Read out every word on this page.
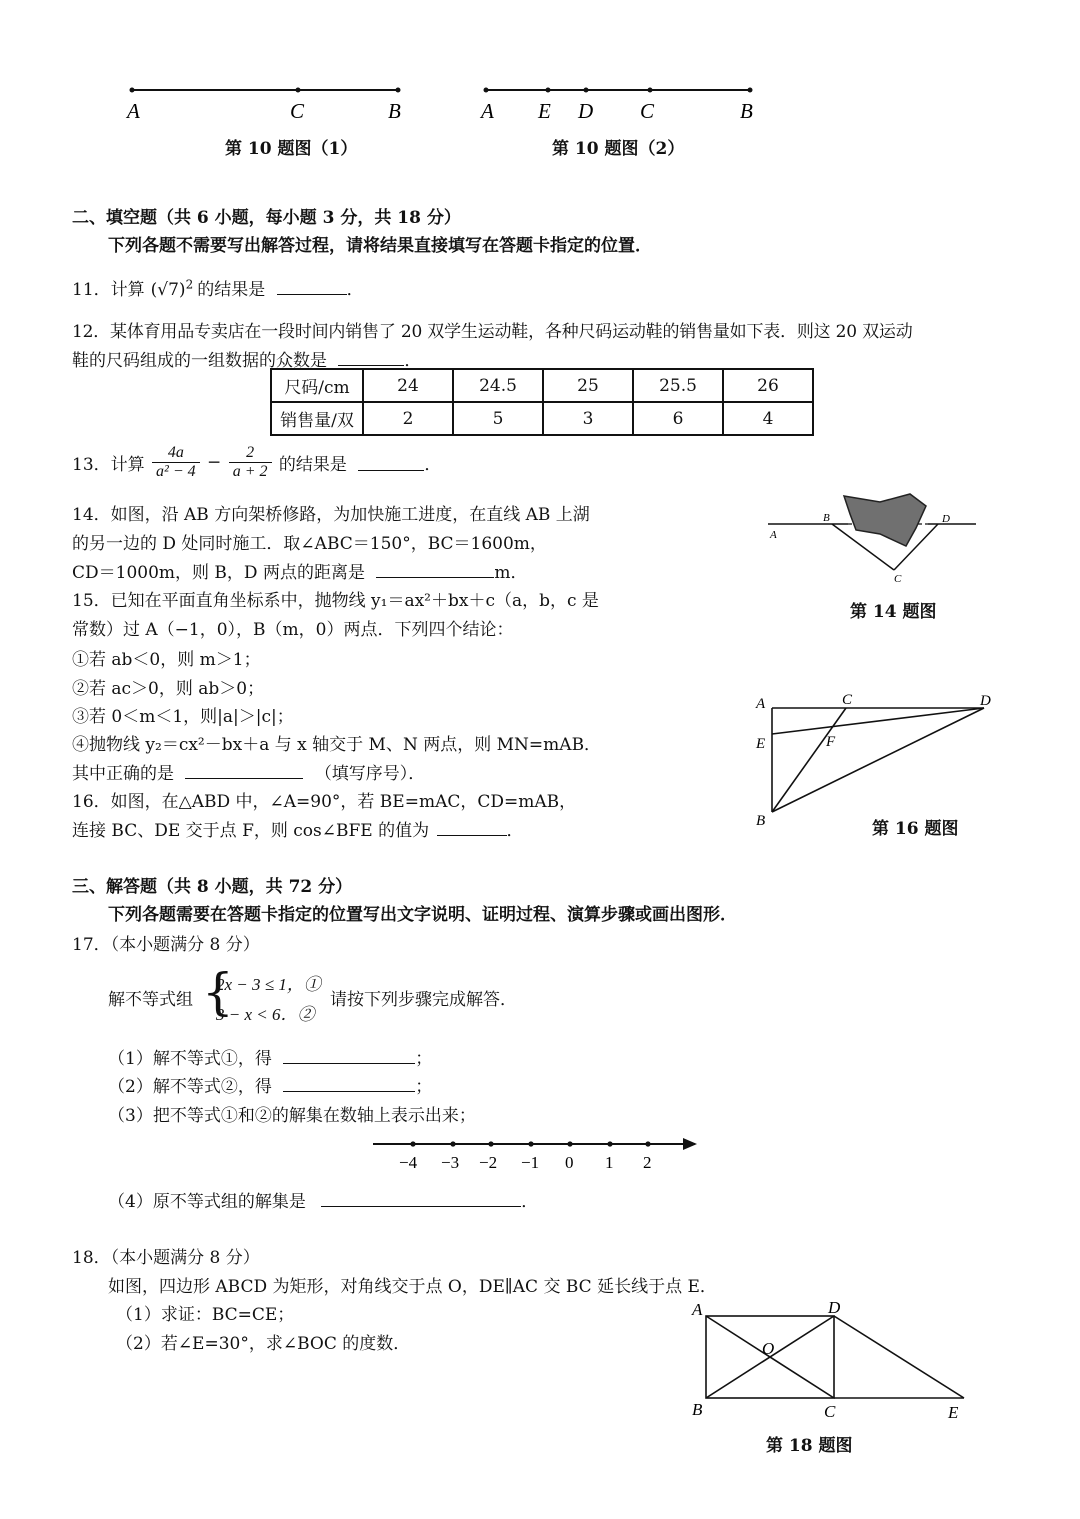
A	C	B
第 10 题图（1）
A E D C	B
第 10 题图（2）
二、填空题（共 6 小题，每小题 3 分，共 18 分）
下列各题不需要写出解答过程，请将结果直接填写在答题卡指定的位置．
11．计算 $(√7)^2$ 的结果是	．
12．某体育用品专卖店在一段时间内销售了 20 双学生运动鞋，各种尺码运动鞋的销售量如下表．则这 20 双运动
鞋的尺码组成的一组数据的众数是	．
尺码/cm	24	24.5	25	25.5	26
销售量/双	2	5	3	6	4
13．计算 $\frac{4a}{\text{a² − 4}} - \frac{2}{a + 2}$ 的结果是	．
14．如图，沿 AB 方向架桥修路，为加快施工进度，在直线 AB 上湖
的另一边的 D 处同时施工．取∠ABC＝150°，BC＝1600m，
CD＝1000m，则 B，D 两点的距离是	m．
A
B	D
C
第 14 题图
15．已知在平面直角坐标系中，抛物线 y₁＝ax²＋bx＋c（a，b，c 是
常数）过 A（−1，0），B（m，0）两点．下列四个结论：
①若 ab＜0，则 m＞1；
②若 ac＞0，则 ab＞0；
③若 0＜m＜1，则|a|＞|c|；
④抛物线 y₂＝cx²－bx＋a 与 x 轴交于 M、N 两点，则 MN=mAB．
其中正确的是	（填写序号）．
16．如图，在△ABD 中，∠A=90°，若 BE=mAC，CD=mAB，
连接 BC、DE 交于点 F，则 cos∠BFE 的值为	．
A	C	D
E	F
B	第 16 题图
三、解答题（共 8 小题，共 72 分）
下列各题需要在答题卡指定的位置写出文字说明、证明过程、演算步骤或画出图形．
17．（本小题满分 8 分）
解不等式组 {
2x − 3 ≤ 1，①
3 − x < 6．②
请按下列步骤完成解答．
（1）解不等式①，得	；
（2）解不等式②，得	；
（3）把不等式①和②的解集在数轴上表示出来；
−4 −3 −2 −1 0 1 2
（4）原不等式组的解集是	．
18．（本小题满分 8 分）
如图，四边形 ABCD 为矩形，对角线交于点 O，DE∥AC 交 BC 延长线于点 E．
（1）求证：BC=CE；
（2）若∠E=30°，求∠BOC 的度数．
A	D
O
B	C	E
第 18 题图
